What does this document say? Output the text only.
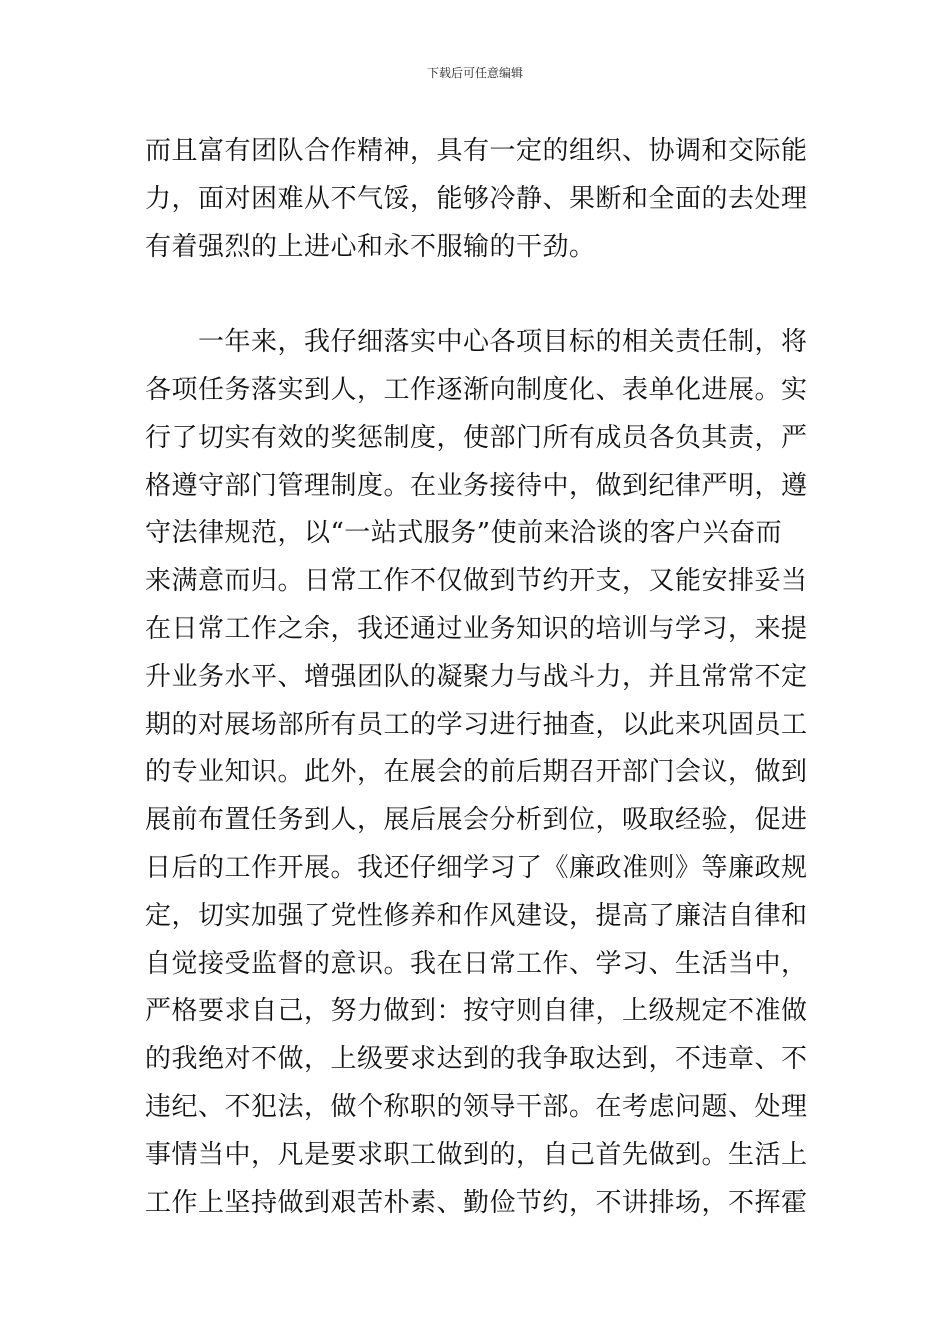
下载后可任意编辑
而且富有团队合作精神，具有一定的组织、协调和交际能
力，面对困难从不气馁，能够冷静、果断和全面的去处理
有着强烈的上进心和永不服输的干劲。
　　一年来，我仔细落实中心各项目标的相关责任制，将
各项任务落实到人，工作逐渐向制度化、表单化进展。实
行了切实有效的奖惩制度，使部门所有成员各负其责，严
格遵守部门管理制度。在业务接待中，做到纪律严明，遵
守法律规范，以“一站式服务”使前来洽谈的客户兴奋而
来满意而归。日常工作不仅做到节约开支，又能安排妥当
在日常工作之余，我还通过业务知识的培训与学习，来提
升业务水平、增强团队的凝聚力与战斗力，并且常常不定
期的对展场部所有员工的学习进行抽查，以此来巩固员工
的专业知识。此外，在展会的前后期召开部门会议，做到
展前布置任务到人，展后展会分析到位，吸取经验，促进
日后的工作开展。我还仔细学习了《廉政准则》等廉政规
定，切实加强了党性修养和作风建设，提高了廉洁自律和
自觉接受监督的意识。我在日常工作、学习、生活当中，
严格要求自己，努力做到：按守则自律，上级规定不准做
的我绝对不做，上级要求达到的我争取达到，不违章、不
违纪、不犯法，做个称职的领导干部。在考虑问题、处理
事情当中，凡是要求职工做到的，自己首先做到。生活上
工作上坚持做到艰苦朴素、勤俭节约，不讲排场，不挥霍
